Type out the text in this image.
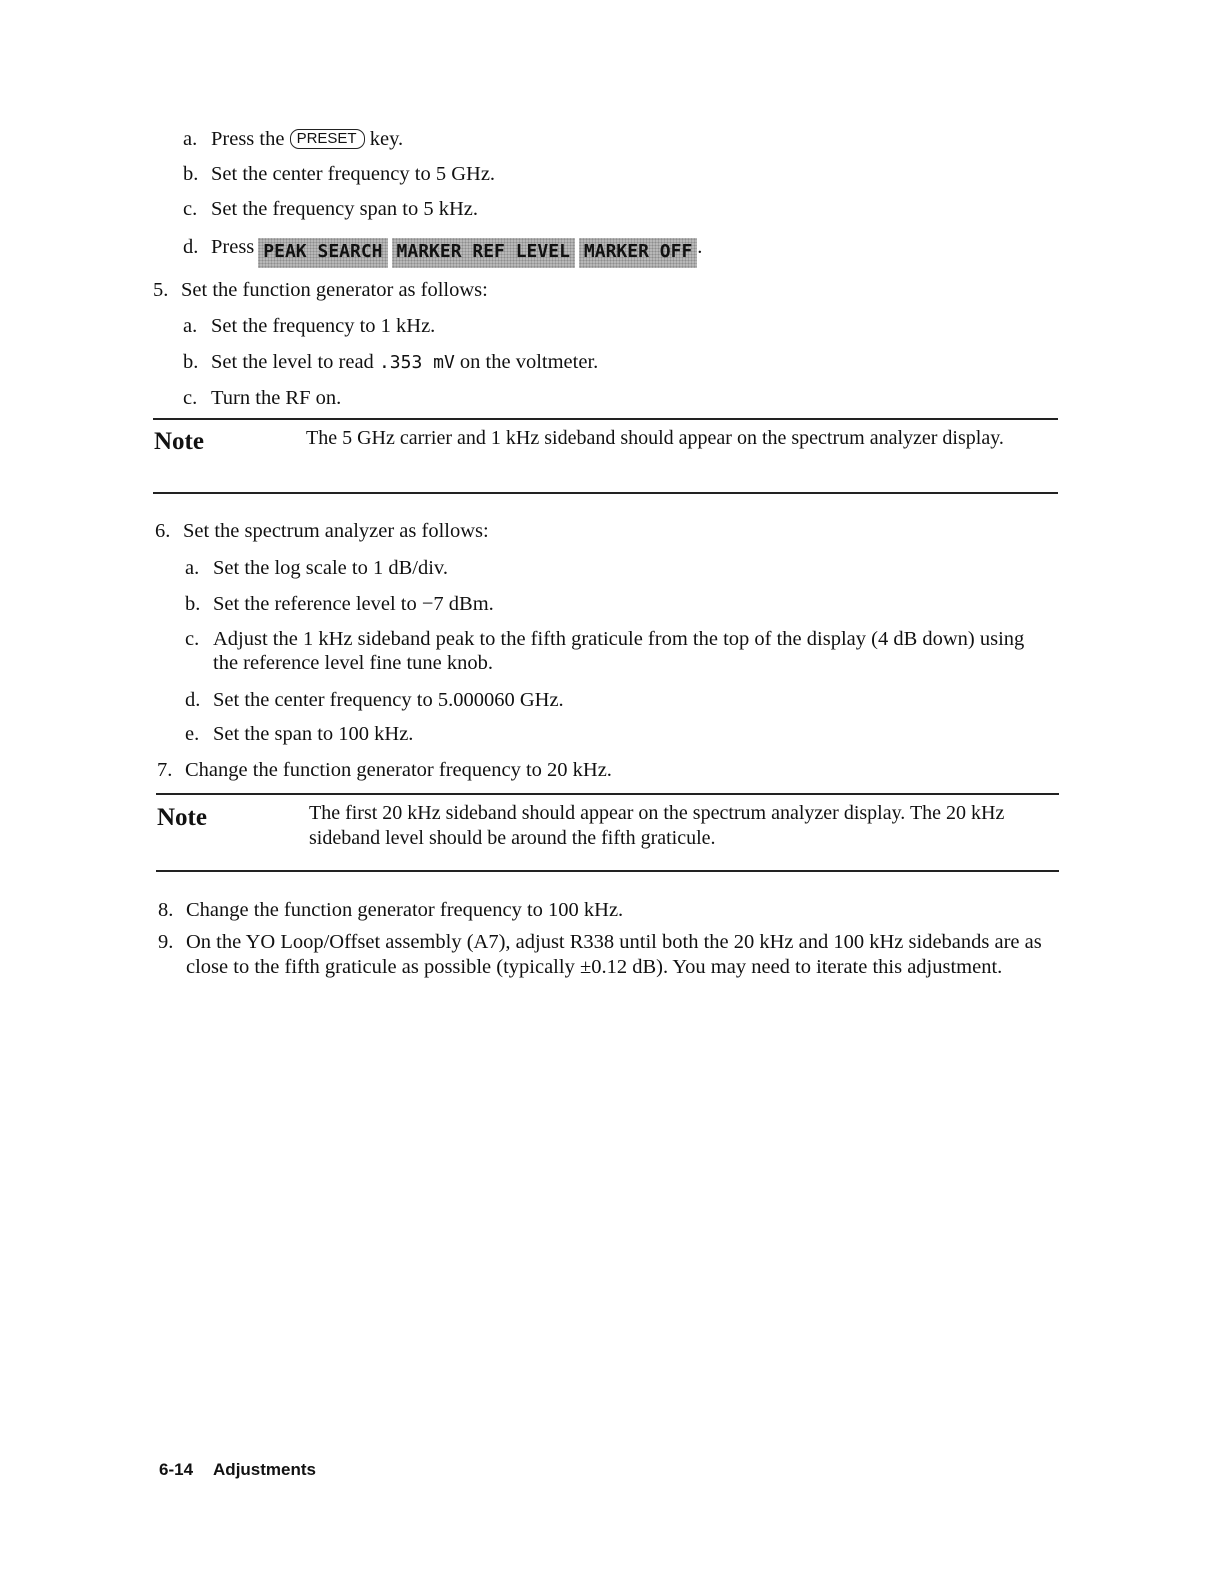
a. Press the PRESET key.
b. Set the center frequency to 5 GHz.
c. Set the frequency span to 5 kHz.
d. Press PEAK SEARCH MARKER REF LEVEL MARKER OFF .
5. Set the function generator as follows:
a. Set the frequency to 1 kHz.
b. Set the level to read .353 mV on the voltmeter.
c. Turn the RF on.
Note	The 5 GHz carrier and 1 kHz sideband should appear on the spectrum analyzer display.
6. Set the spectrum analyzer as follows:
a. Set the log scale to 1 dB/div.
b. Set the reference level to −7 dBm.
c. Adjust the 1 kHz sideband peak to the fifth graticule from the top of the display (4 dB down) using the reference level fine tune knob.
d. Set the center frequency to 5.000060 GHz.
e. Set the span to 100 kHz.
7. Change the function generator frequency to 20 kHz.
Note	The first 20 kHz sideband should appear on the spectrum analyzer display. The 20 kHz sideband level should be around the fifth graticule.
8. Change the function generator frequency to 100 kHz.
9. On the YO Loop/Offset assembly (A7), adjust R338 until both the 20 kHz and 100 kHz sidebands are as close to the fifth graticule as possible (typically ±0.12 dB). You may need to iterate this adjustment.
6-14 Adjustments
